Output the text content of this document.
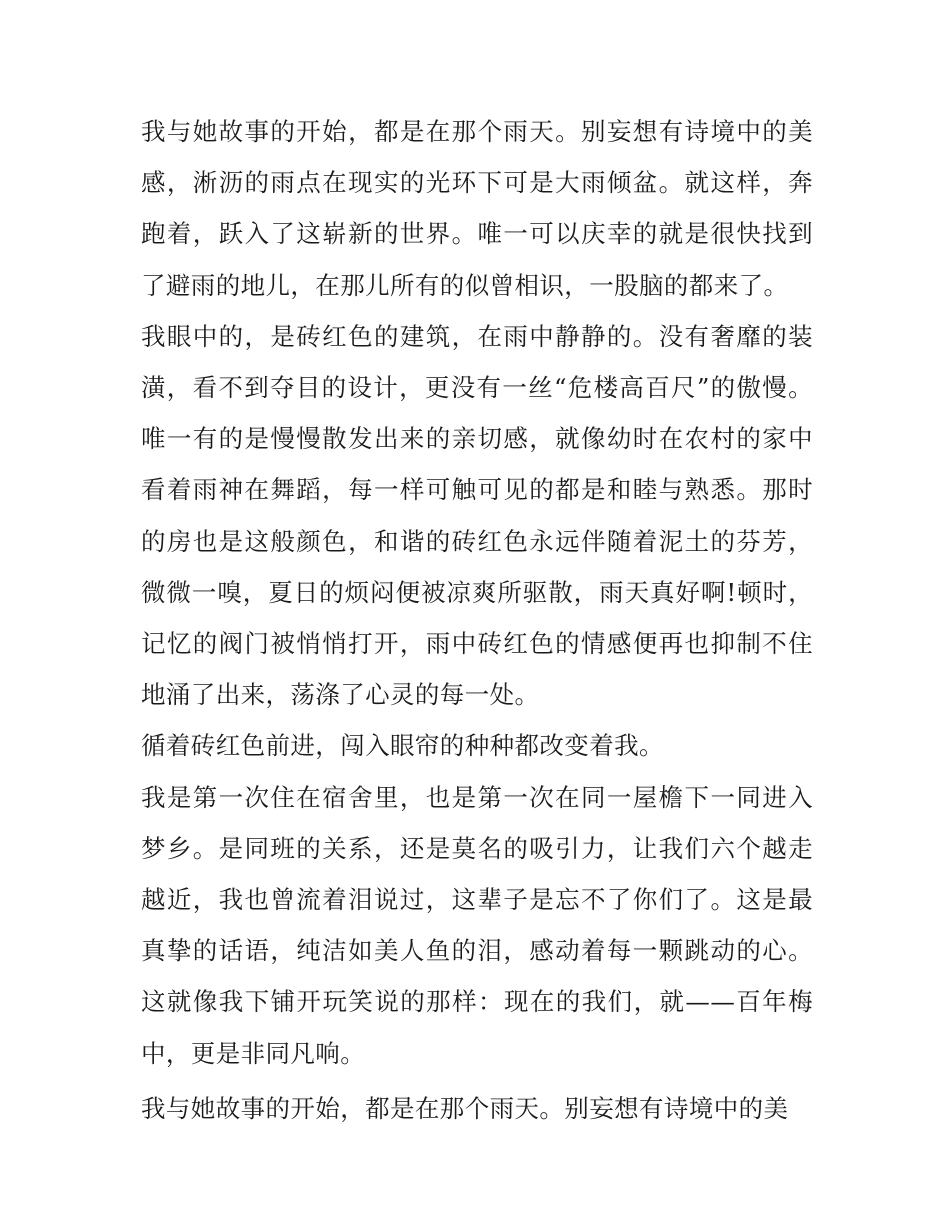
我与她故事的开始，都是在那个雨天。别妄想有诗境中的美感，淅沥的雨点在现实的光环下可是大雨倾盆。就这样，奔跑着，跃入了这崭新的世界。唯一可以庆幸的就是很快找到了避雨的地儿，在那儿所有的似曾相识，一股脑的都来了。

我眼中的，是砖红色的建筑，在雨中静静的。没有奢靡的装潢，看不到夺目的设计，更没有一丝“危楼高百尺”的傲慢。唯一有的是慢慢散发出来的亲切感，就像幼时在农村的家中看着雨神在舞蹈，每一样可触可见的都是和睦与熟悉。那时的房也是这般颜色，和谐的砖红色永远伴随着泥土的芬芳，微微一嗅，夏日的烦闷便被凉爽所驱散，雨天真好啊!顿时，记忆的阀门被悄悄打开，雨中砖红色的情感便再也抑制不住地涌了出来，荡涤了心灵的每一处。

循着砖红色前进，闯入眼帘的种种都改变着我。

我是第一次住在宿舍里，也是第一次在同一屋檐下一同进入梦乡。是同班的关系，还是莫名的吸引力，让我们六个越走越近，我也曾流着泪说过，这辈子是忘不了你们了。这是最真挚的话语，纯洁如美人鱼的泪，感动着每一颗跳动的心。这就像我下铺开玩笑说的那样：现在的我们，就——百年梅中，更是非同凡响。

我与她故事的开始，都是在那个雨天。别妄想有诗境中的美
